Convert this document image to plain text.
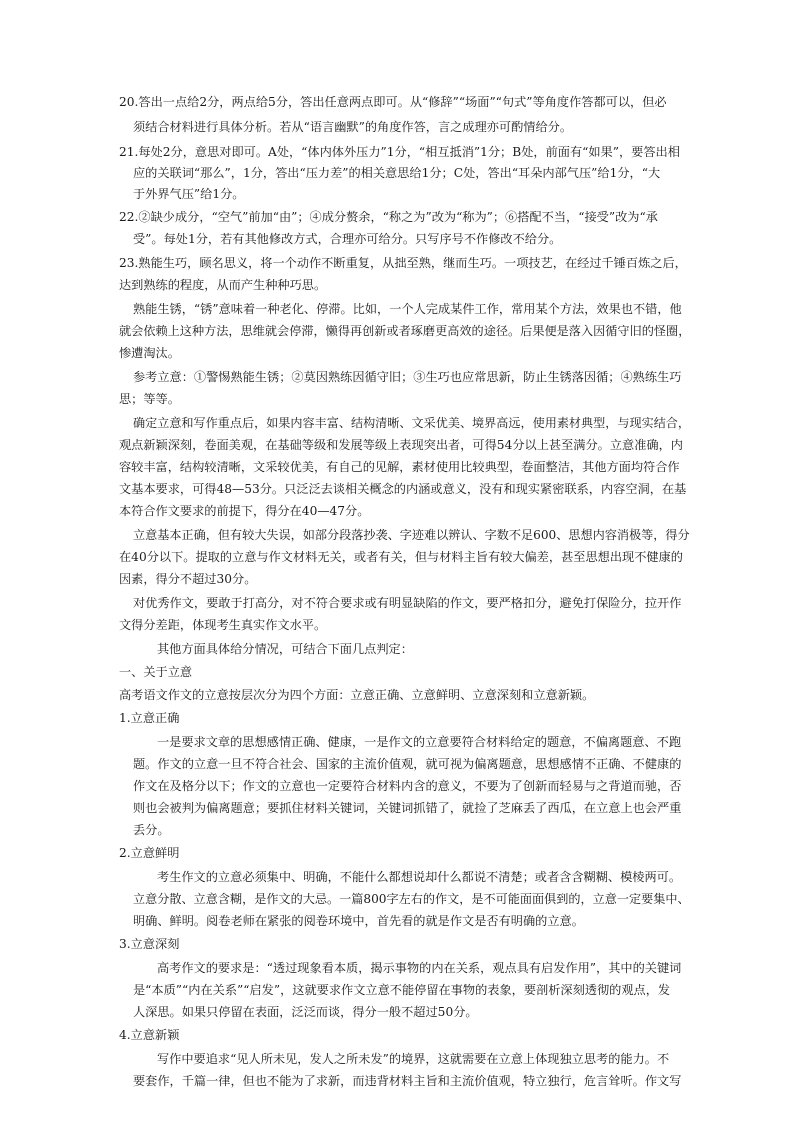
20.答出一点给2分，两点给5分，答出任意两点即可。从“修辞”“场面”“句式”等角度作答都可以，但必
须结合材料进行具体分析。若从“语言幽默”的角度作答，言之成理亦可酌情给分。
21.每处2分，意思对即可。A处，“体内体外压力”1分，“相互抵消”1分；B处，前面有“如果”，要答出相
应的关联词“那么”，1分，答出“压力差”的相关意思给1分；C处，答出“耳朵内部气压”给1分，“大
于外界气压”给1分。
22.②缺少成分，“空气”前加“由”；④成分赘余，“称之为”改为“称为”；⑥搭配不当，“接受”改为“承
受”。每处1分，若有其他修改方式，合理亦可给分。只写序号不作修改不给分。
23.熟能生巧，顾名思义，将一个动作不断重复，从拙至熟，继而生巧。一项技艺，在经过千锤百炼之后，
达到熟练的程度，从而产生种种巧思。
熟能生锈，“锈”意味着一种老化、停滞。比如，一个人完成某件工作，常用某个方法，效果也不错，他
就会依赖上这种方法，思维就会停滞，懒得再创新或者琢磨更高效的途径。后果便是落入因循守旧的怪圈，
惨遭淘汰。
参考立意：①警惕熟能生锈；②莫因熟练因循守旧；③生巧也应常思新，防止生锈落因循；④熟练生巧
思；等等。
确定立意和写作重点后，如果内容丰富、结构清晰、文采优美、境界高远，使用素材典型，与现实结合，
观点新颖深刻，卷面美观，在基础等级和发展等级上表现突出者，可得54分以上甚至满分。立意准确，内
容较丰富，结构较清晰，文采较优美，有自己的见解，素材使用比较典型，卷面整洁，其他方面均符合作
文基本要求，可得48—53分。只泛泛去谈相关概念的内涵或意义，没有和现实紧密联系，内容空洞，在基
本符合作文要求的前提下，得分在40—47分。
立意基本正确，但有较大失误，如部分段落抄袭、字迹难以辨认、字数不足600、思想内容消极等，得分
在40分以下。提取的立意与作文材料无关，或者有关，但与材料主旨有较大偏差，甚至思想出现不健康的
因素，得分不超过30分。
对优秀作文，要敢于打高分，对不符合要求或有明显缺陷的作文，要严格扣分，避免打保险分，拉开作
文得分差距，体现考生真实作文水平。
其他方面具体给分情况，可结合下面几点判定：
一、关于立意
高考语文作文的立意按层次分为四个方面：立意正确、立意鲜明、立意深刻和立意新颖。
1.立意正确
一是要求文章的思想感情正确、健康，一是作文的立意要符合材料给定的题意，不偏离题意、不跑
题。作文的立意一旦不符合社会、国家的主流价值观，就可视为偏离题意，思想感情不正确、不健康的
作文在及格分以下；作文的立意也一定要符合材料内含的意义，不要为了创新而轻易与之背道而驰，否
则也会被判为偏离题意；要抓住材料关键词，关键词抓错了，就捡了芝麻丢了西瓜，在立意上也会严重
丢分。
2.立意鲜明
考生作文的立意必须集中、明确，不能什么都想说却什么都说不清楚；或者含含糊糊、模棱两可。
立意分散、立意含糊，是作文的大忌。一篇800字左右的作文，是不可能面面俱到的，立意一定要集中、
明确、鲜明。阅卷老师在紧张的阅卷环境中，首先看的就是作文是否有明确的立意。
3.立意深刻
高考作文的要求是：“透过现象看本质，揭示事物的内在关系，观点具有启发作用”，其中的关键词
是“本质”“内在关系”“启发”，这就要求作文立意不能停留在事物的表象，要剖析深刻透彻的观点，发
人深思。如果只停留在表面，泛泛而谈，得分一般不超过50分。
4.立意新颖
写作中要追求“见人所未见，发人之所未发”的境界，这就需要在立意上体现独立思考的能力。不
要套作，千篇一律，但也不能为了求新，而违背材料主旨和主流价值观，特立独行，危言耸听。作文写
